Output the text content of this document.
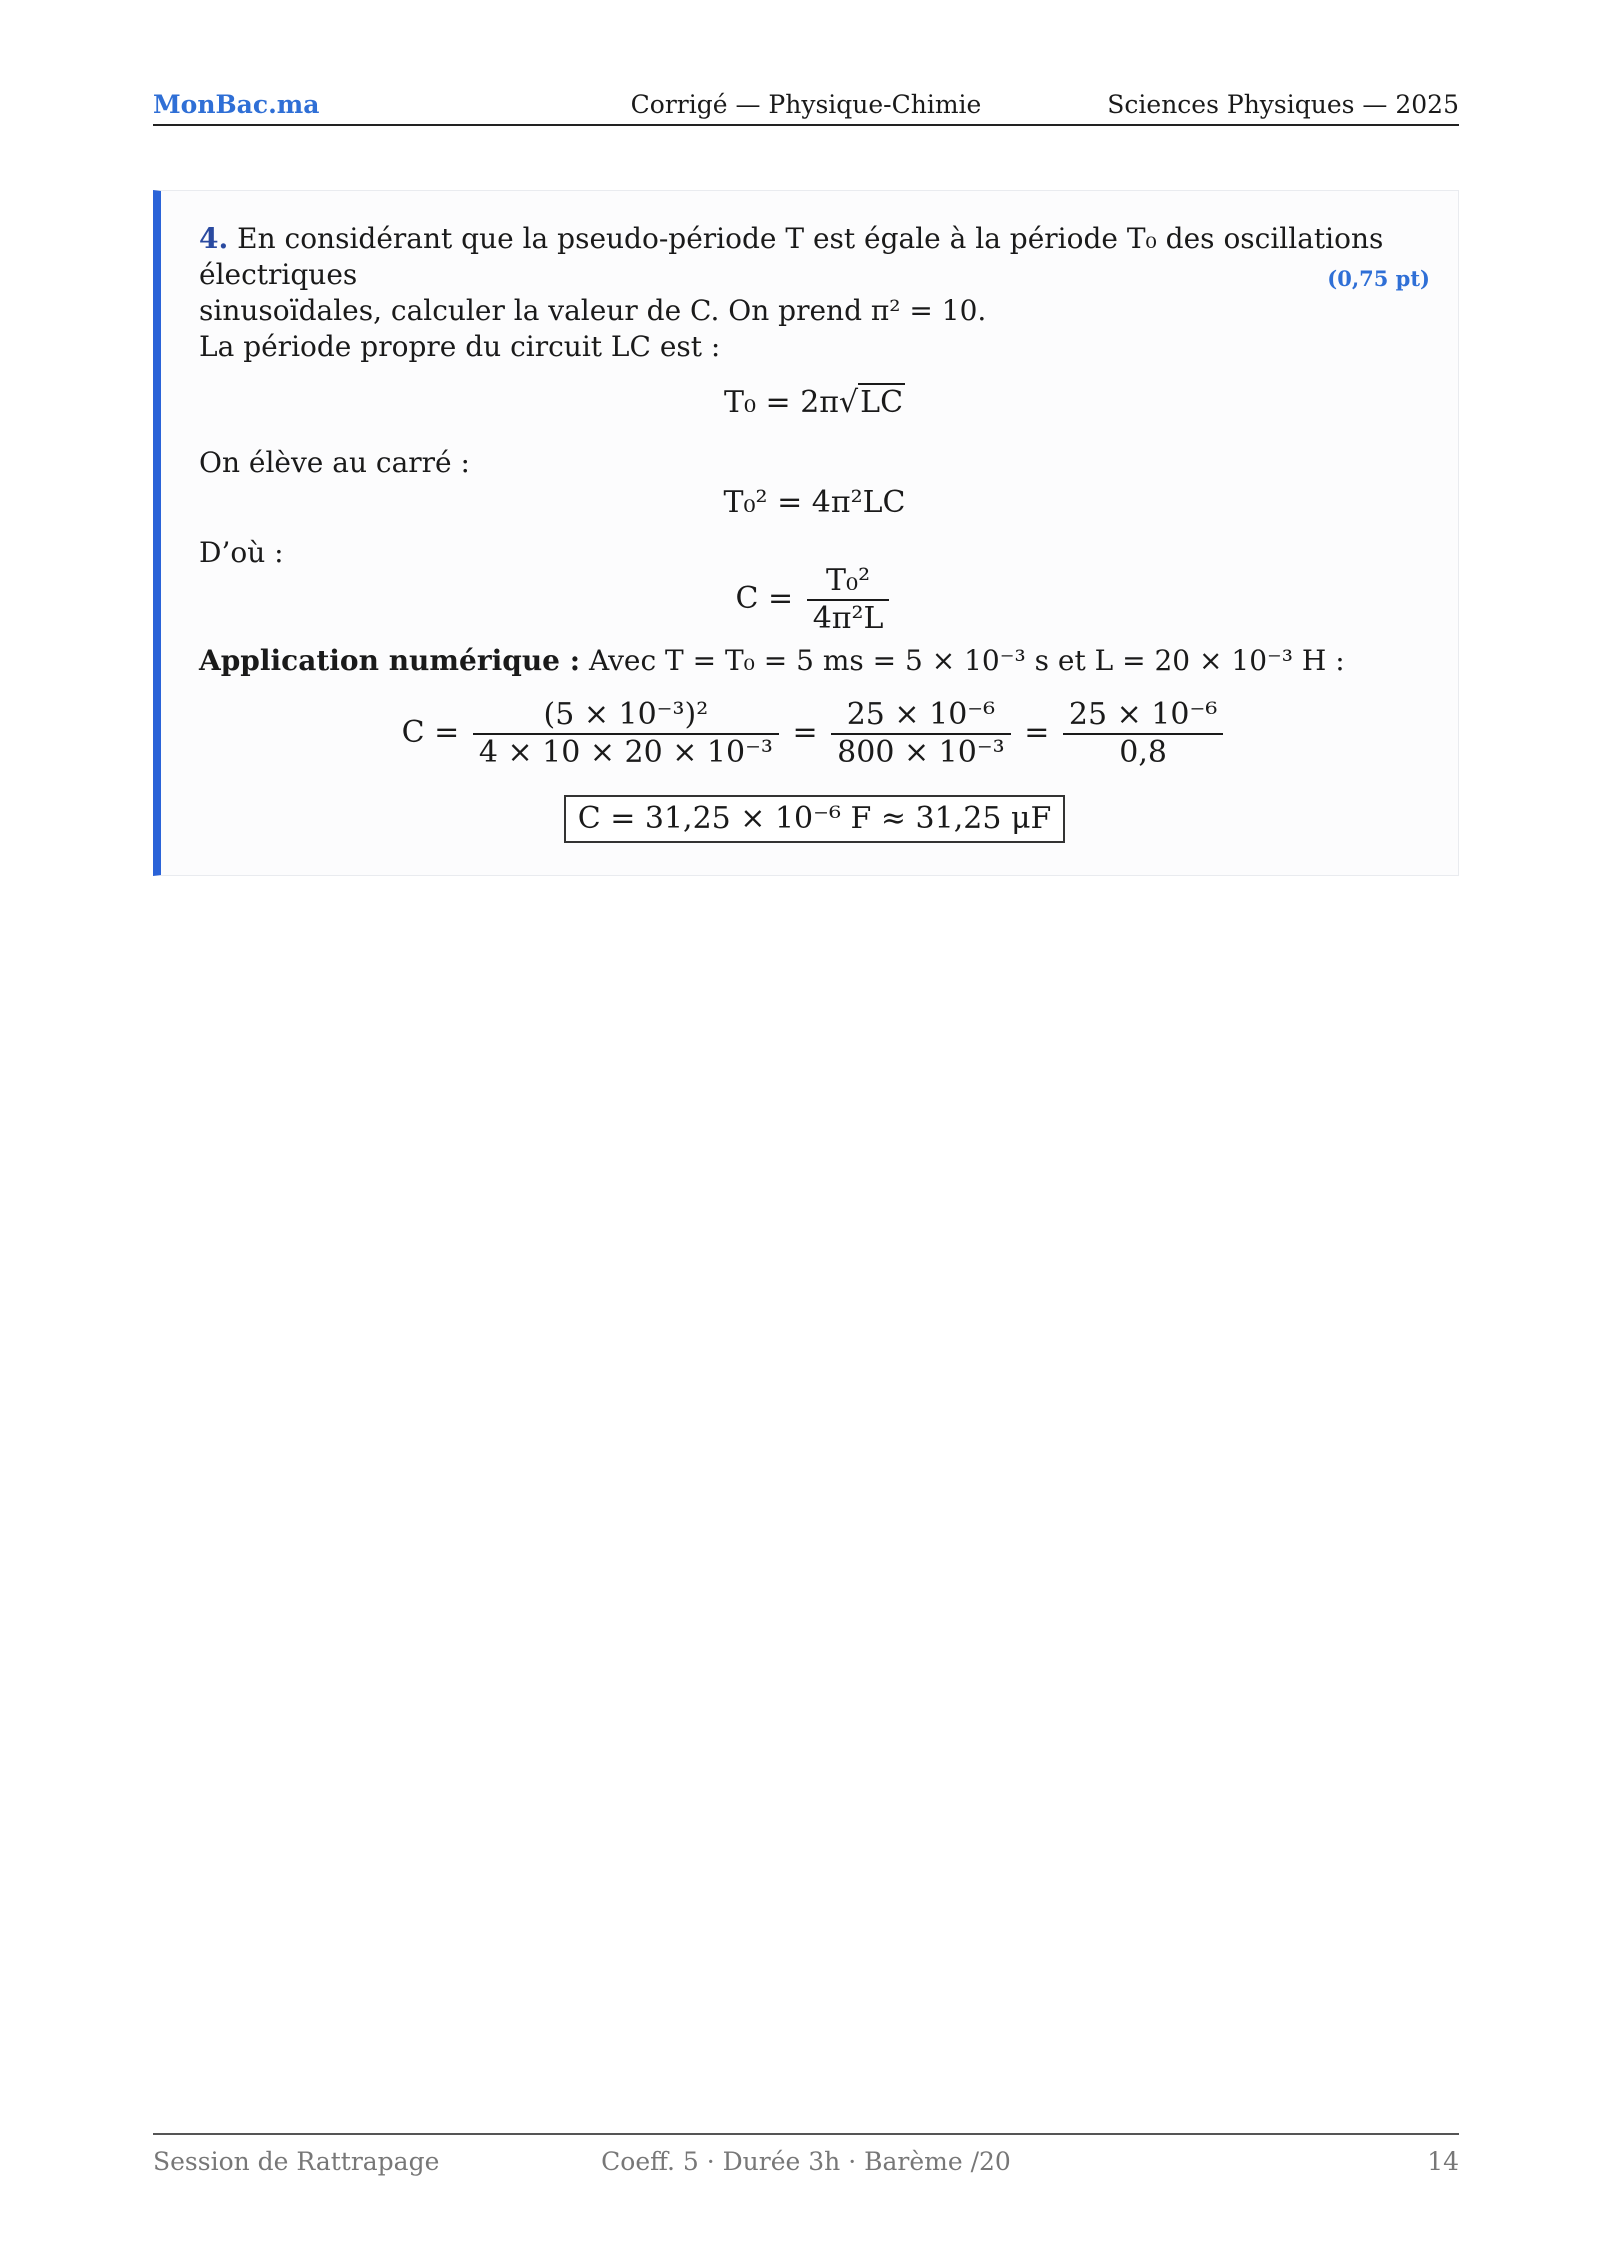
MonBac.ma	Corrigé — Physique-Chimie	Sciences Physiques — 2025

4. En considérant que la pseudo-période T est égale à la période T₀ des oscillations électriques

sinusoïdales, calculer la valeur de C. On prend π² = 10.

(0,75 pt)

La période propre du circuit LC est :

T₀ = 2π√LC

On élève au carré :

T₀² = 4π²LC

D’où :

$C = \frac{\text{T₀²}}{\text{4π²L}}$

Application numérique : Avec T = T₀ = 5 ms = 5 × 10⁻³ s et L = 20 × 10⁻³ H :

$C = \frac{\text{(5 × 10⁻³)²}}{\text{4 × 10 × 20 × 10⁻³}} = \frac{\text{25 × 10⁻⁶}}{\text{800 × 10⁻³}} = \frac{\text{25 × 10⁻⁶}}{0,8}$
C = 31,25 × 10⁻⁶ F ≈ 31,25 μF
Session de Rattrapage	Coeff. 5 · Durée 3h · Barème /20	14
